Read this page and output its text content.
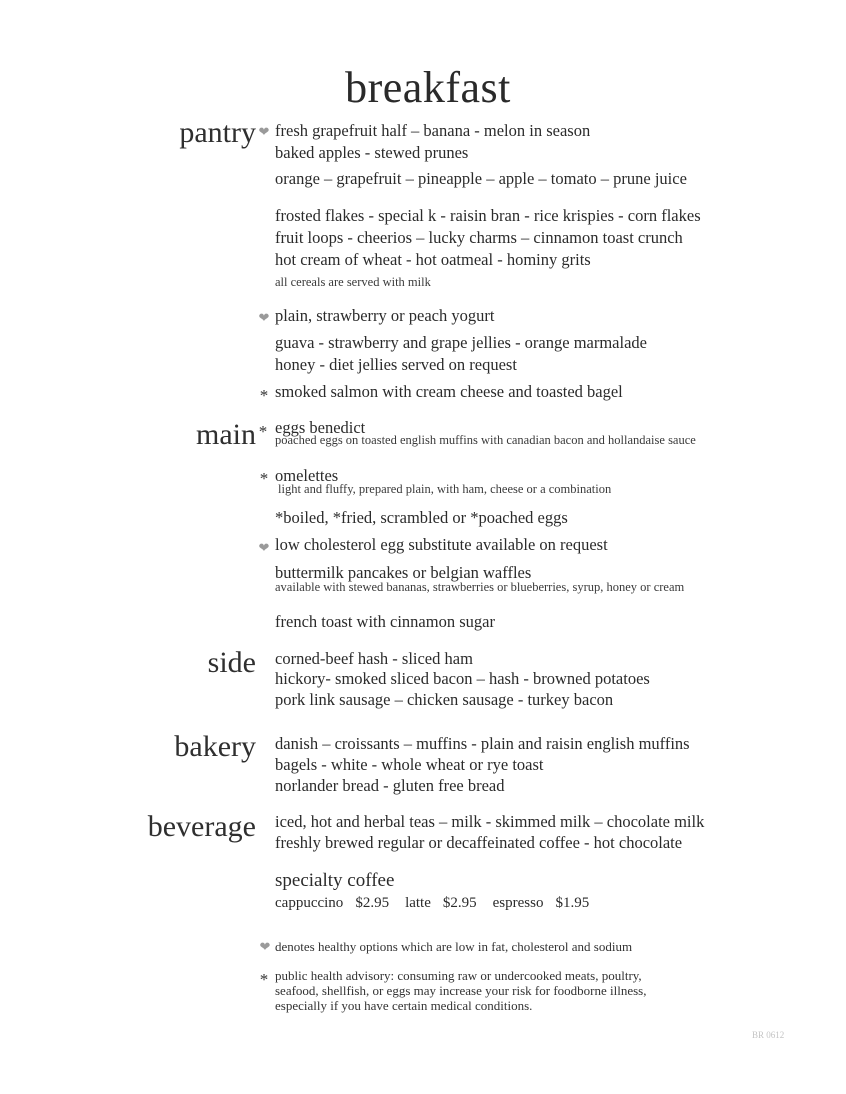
breakfast
pantry
main
side
bakery
beverage
❤
❤
*
fresh grapefruit half – banana - melon in season
baked apples - stewed prunes
orange – grapefruit – pineapple – apple – tomato – prune juice
frosted flakes - special k - raisin bran - rice krispies - corn flakes
fruit loops - cheerios – lucky charms – cinnamon toast crunch
hot cream of wheat - hot oatmeal - hominy grits
all cereals are served with milk
plain, strawberry or peach yogurt
guava - strawberry and grape jellies - orange marmalade
honey - diet jellies served on request
smoked salmon with cream cheese and toasted bagel
*
*
❤
eggs benedict
poached eggs on toasted english muffins with canadian bacon and hollandaise sauce
omelettes
light and fluffy, prepared plain, with ham, cheese or a combination
*boiled, *fried, scrambled or *poached eggs
low cholesterol egg substitute available on request
buttermilk pancakes or belgian waffles
available with stewed bananas, strawberries or blueberries, syrup, honey or cream
french toast with cinnamon sugar
corned-beef hash - sliced ham
hickory- smoked sliced bacon – hash - browned potatoes
pork link sausage – chicken sausage - turkey bacon
danish – croissants – muffins - plain and raisin english muffins
bagels - white - whole wheat or rye toast
norlander bread - gluten free bread
iced, hot and herbal teas – milk - skimmed milk – chocolate milk
freshly brewed regular or decaffeinated coffee - hot chocolate
specialty coffee
cappuccino $2.95 latte $2.95 espresso $1.95
❤ denotes healthy options which are low in fat, cholesterol and sodium
* public health advisory: consuming raw or undercooked meats, poultry,
seafood, shellfish, or eggs may increase your risk for foodborne illness,
especially if you have certain medical conditions.
BR 0612
